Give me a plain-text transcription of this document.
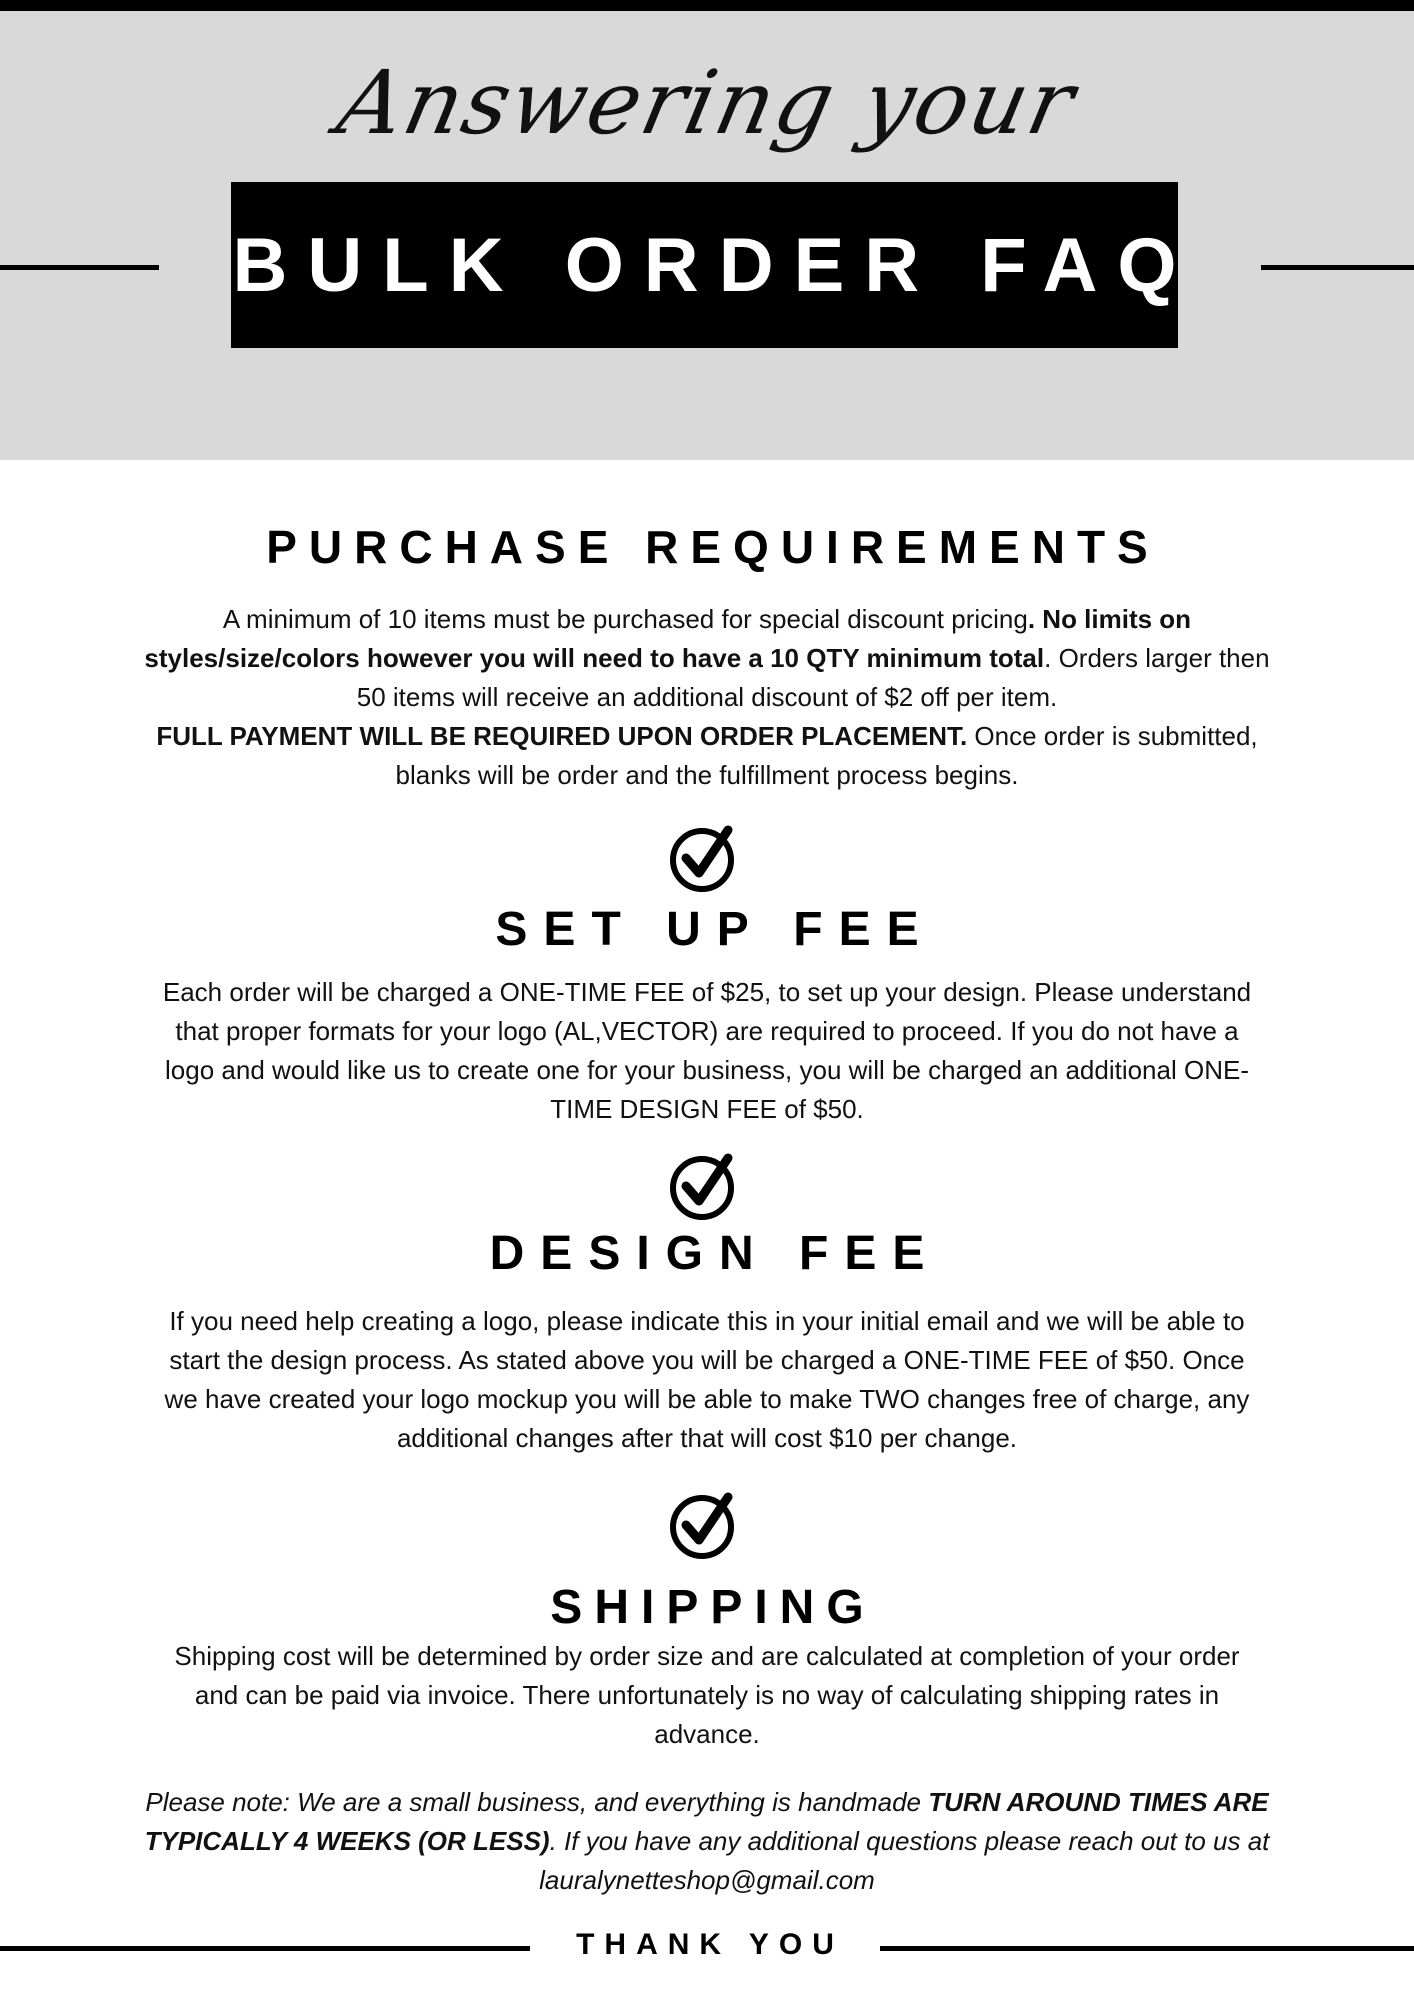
Answering your
BULK ORDER FAQ
PURCHASE REQUIREMENTS
A minimum of 10 items must be purchased for special discount pricing. No limits on styles/size/colors however you will need to have a 10 QTY minimum total. Orders larger then 50 items will receive an additional discount of $2 off per item.
FULL PAYMENT WILL BE REQUIRED UPON ORDER PLACEMENT. Once order is submitted, blanks will be order and the fulfillment process begins.
SET UP FEE
Each order will be charged a ONE-TIME FEE of $25, to set up your design. Please understand that proper formats for your logo (AL,VECTOR) are required to proceed. If you do not have a logo and would like us to create one for your business, you will be charged an additional ONE-TIME DESIGN FEE of $50.
DESIGN FEE
If you need help creating a logo, please indicate this in your initial email and we will be able to start the design process. As stated above you will be charged a ONE-TIME FEE of $50. Once we have created your logo mockup you will be able to make TWO changes free of charge, any additional changes after that will cost $10 per change.
SHIPPING
Shipping cost will be determined by order size and are calculated at completion of your order and can be paid via invoice. There unfortunately is no way of calculating shipping rates in advance.
Please note: We are a small business, and everything is handmade TURN AROUND TIMES ARE TYPICALLY 4 WEEKS (OR LESS). If you have any additional questions please reach out to us at lauralynetteshop@gmail.com
THANK YOU
